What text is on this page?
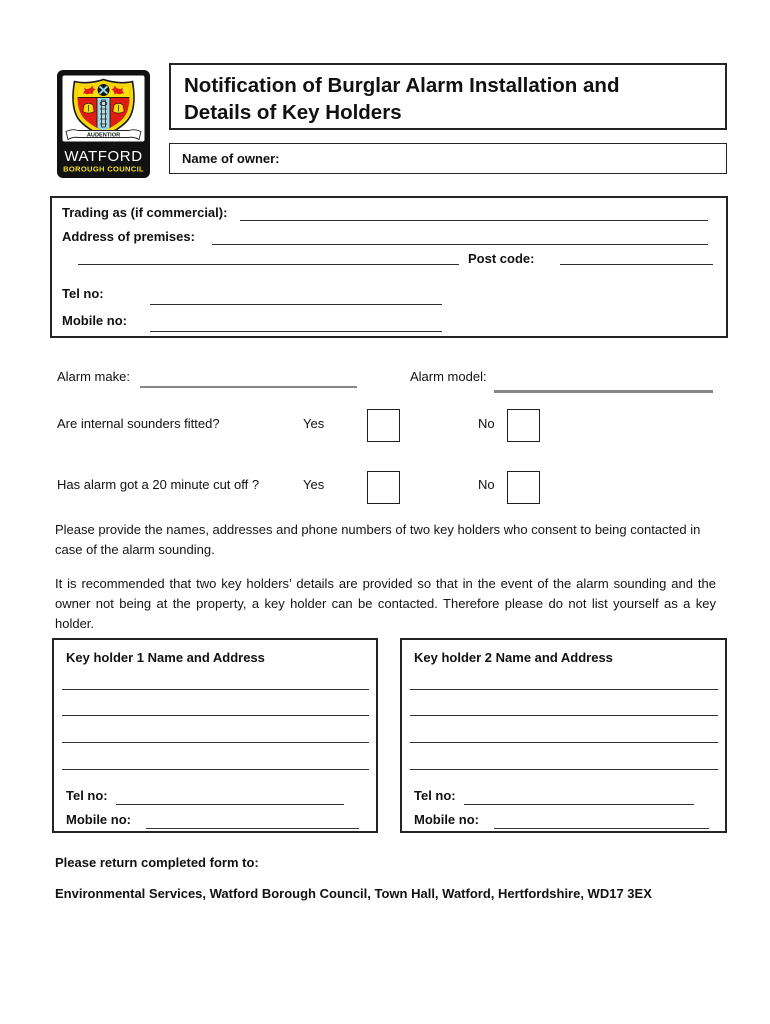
AUDENTIOR
WATFORD
BOROUGH COUNCIL
Notification of Burglar Alarm Installation and
Details of Key Holders
Name of owner:
Trading as (if commercial):
Address of premises:
Post code:
Tel no:
Mobile no:
Alarm make:	Alarm model:
Are internal sounders fitted?	Yes	No
Has alarm got a 20 minute cut off ?	Yes	No

Please provide the names, addresses and phone numbers of two key holders who consent to being contacted in case of the alarm sounding.

It is recommended that two key holders’ details are provided so that in the event of the alarm sounding and the owner not being at the property, a key holder can be contacted. Therefore please do not list yourself as a key holder.

Key holder 1 Name and Address
Tel no:
Mobile no:
Key holder 2 Name and Address
Tel no:
Mobile no:
Please return completed form to:
Environmental Services, Watford Borough Council, Town Hall, Watford, Hertfordshire, WD17 3EX
